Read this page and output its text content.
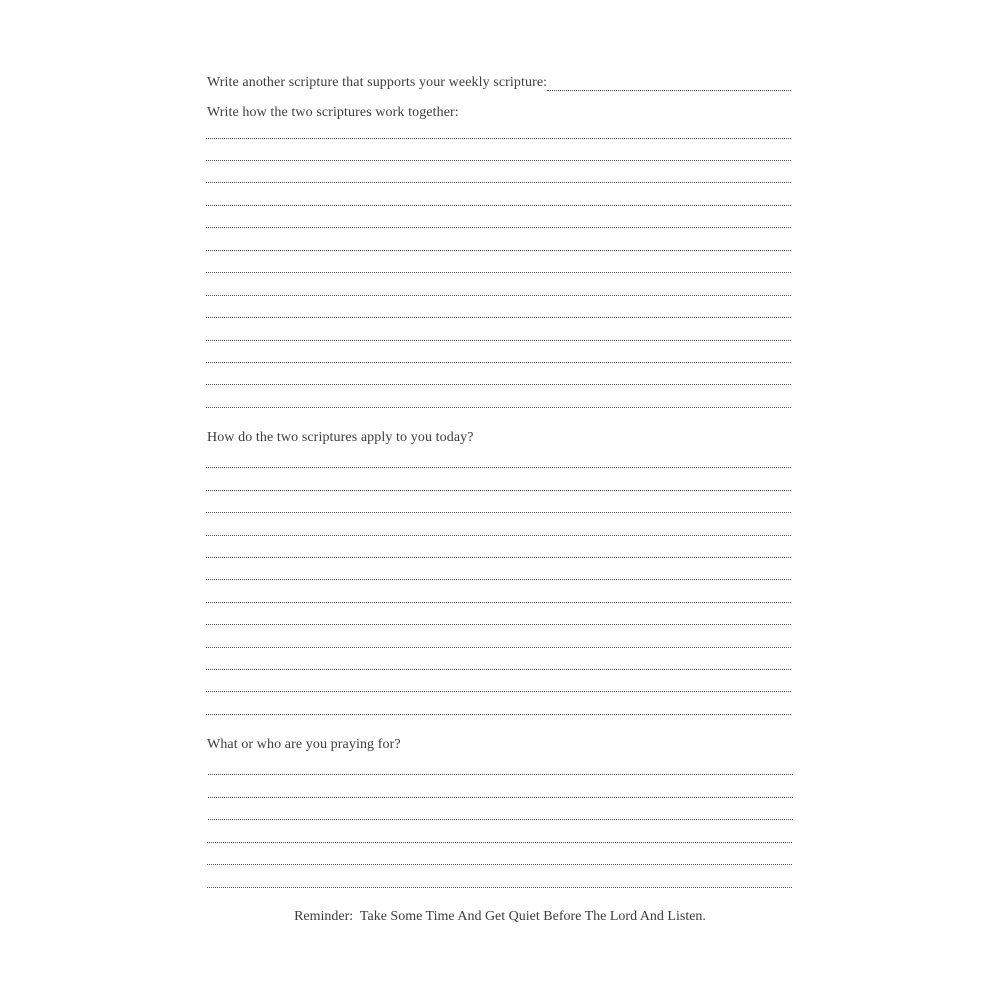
Write another scripture that supports your weekly scripture:
Write how the two scriptures work together:
How do the two scriptures apply to you today?
What or who are you praying for?
Reminder:  Take Some Time And Get Quiet Before The Lord And Listen.
